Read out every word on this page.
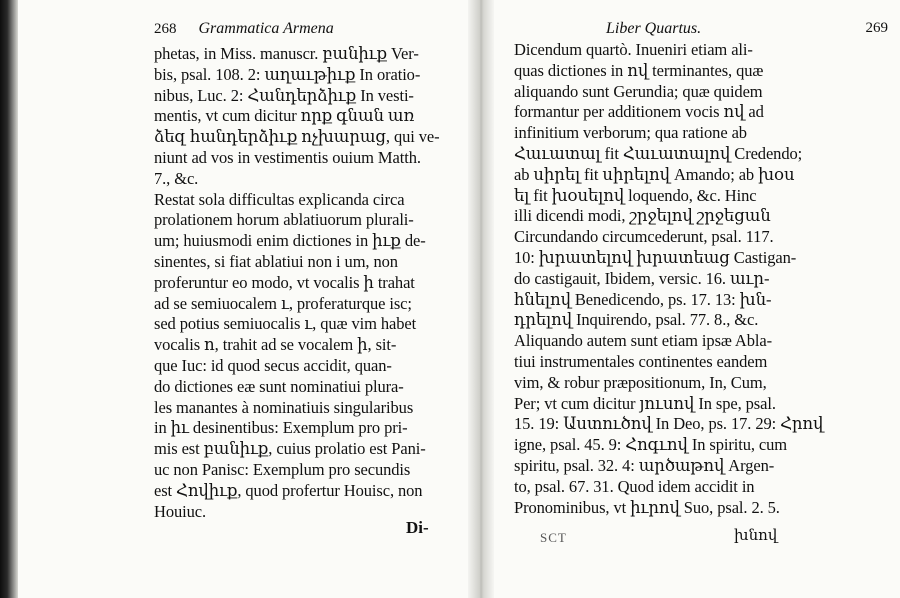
268 Grammatica Armena
phetas, in Miss. manuscr. բանիւք Ver-
bis, psal. 108. 2: աղաւթիւք In oratio-
nibus, Luc. 2: Հանդերձիւք In vesti-
mentis, vt cum dicitur որք գնան առ
ձեզ հանդերձիւք ոչխարաց, qui ve-
niunt ad vos in vestimentis ouium Matth.
7., &c.
Restat sola difficultas explicanda circa
prolationem horum ablatiuorum plurali-
um; huiusmodi enim dictiones in իւք de-
sinentes, si fiat ablatiui non i um, non
proferuntur eo modo, vt vocalis ի trahat
ad se semiuocalem ւ, proferaturque isc;
sed potius semiuocalis ւ, quæ vim habet
vocalis ո, trahit ad se vocalem ի, sit-
que Iuc: id quod secus accidit, quan-
do dictiones eæ sunt nominatiui plura-
les manantes à nominatiuis singularibus
in իւ desinentibus: Exemplum pro pri-
mis est բանիւք, cuius prolatio est Pani-
uc non Panisc: Exemplum pro secundis
est Հովիւք, quod profertur Houisc, non
Houiuc.
Di-
Liber Quartus.	269
Dicendum quartò. Inueniri etiam ali-
quas dictiones in ով terminantes, quæ
aliquando sunt Gerundia; quæ quidem
formantur per additionem vocis ով ad
infinitium verborum; qua ratione ab
Հաւատալ fit Հաւատալով Credendo;
ab սիրել fit սիրելով Amando; ab խօս
ել fit խօսելով loquendo, &c. Hinc
illi dicendi modi, շրջելով շրջեցան
Circundando circumcederunt, psal. 117.
10: խրատելով խրատեաց Castigan-
do castigauit, Ibidem, versic. 16. աւր-
հնելով Benedicendo, ps. 17. 13: խն-
դրելով Inquirendo, psal. 77. 8., &c.
Aliquando autem sunt etiam ipsæ Abla-
tiui instrumentales continentes eandem
vim, & robur præpositionum, In, Cum,
Per; vt cum dicitur յուսով In spe, psal.
15. 19: Աստուծով In Deo, ps. 17. 29: Հրով
igne, psal. 45. 9: Հոգւով In spiritu, cum
spiritu, psal. 32. 4: արծաթով Argen-
to, psal. 67. 31. Quod idem accidit in
Pronominibus, vt իւրով Suo, psal. 2. 5.
SCT	խնով
